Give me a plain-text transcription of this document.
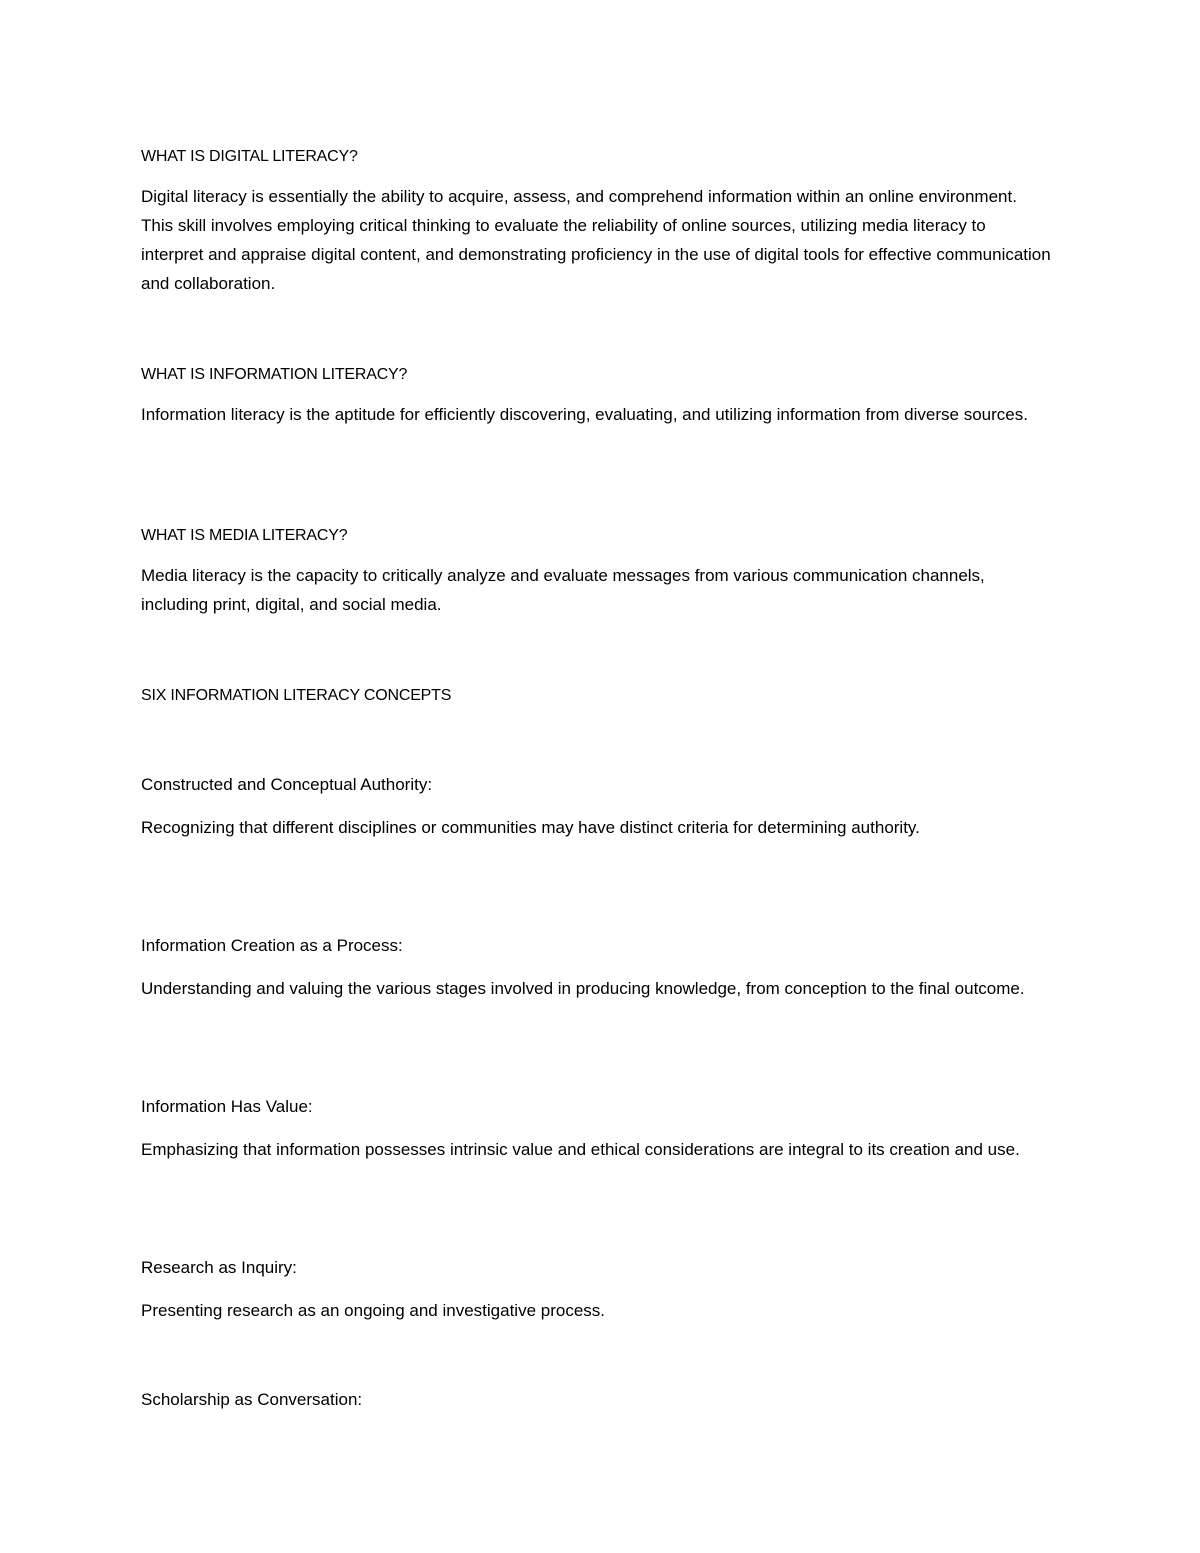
WHAT IS DIGITAL LITERACY?

Digital literacy is essentially the ability to acquire, assess, and comprehend information within an online environment. This skill involves employing critical thinking to evaluate the reliability of online sources, utilizing media literacy to interpret and appraise digital content, and demonstrating proficiency in the use of digital tools for effective communication and collaboration.

WHAT IS INFORMATION LITERACY?

Information literacy is the aptitude for efficiently discovering, evaluating, and utilizing information from diverse sources.

WHAT IS MEDIA LITERACY?

Media literacy is the capacity to critically analyze and evaluate messages from various communication channels, including print, digital, and social media.

SIX INFORMATION LITERACY CONCEPTS

Constructed and Conceptual Authority:

Recognizing that different disciplines or communities may have distinct criteria for determining authority.

Information Creation as a Process:

Understanding and valuing the various stages involved in producing knowledge, from conception to the final outcome.

Information Has Value:

Emphasizing that information possesses intrinsic value and ethical considerations are integral to its creation and use.

Research as Inquiry:

Presenting research as an ongoing and investigative process.

Scholarship as Conversation:
